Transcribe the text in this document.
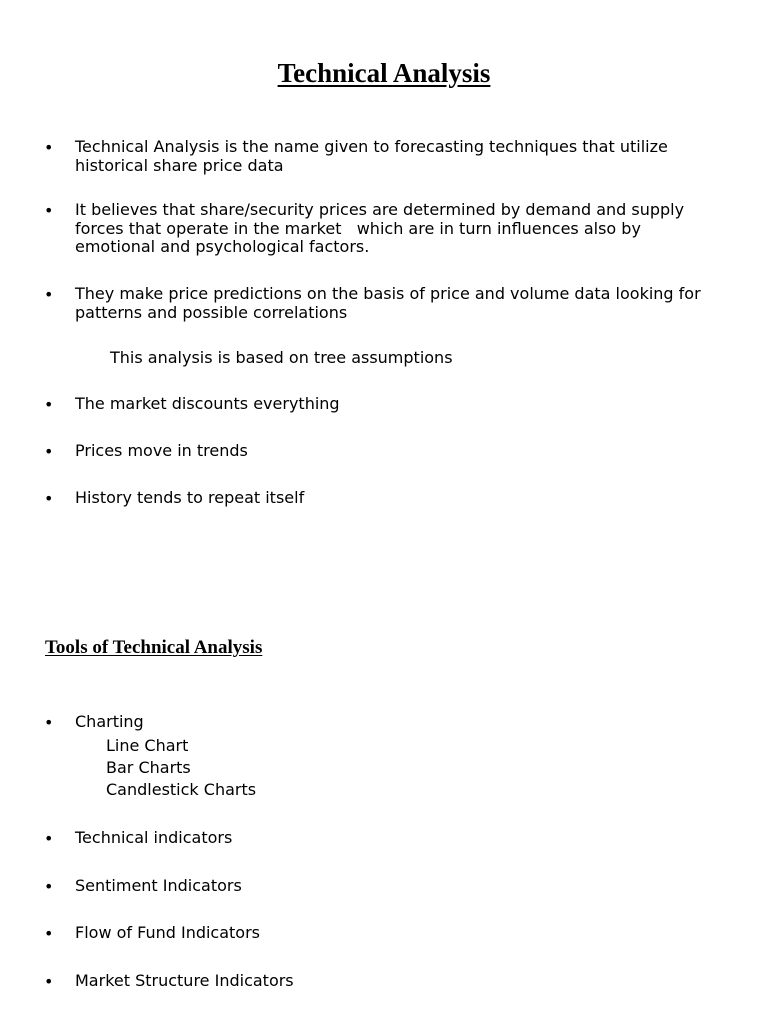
Technical Analysis
• Technical Analysis is the name given to forecasting techniques that utilize historical share price data
• It believes that share/security prices are determined by demand and supply forces that operate in the market   which are in turn influences also by emotional and psychological factors.
• They make price predictions on the basis of price and volume data looking for patterns and possible correlations
This analysis is based on tree assumptions
• The market discounts everything
• Prices move in trends
• History tends to repeat itself
Tools of Technical Analysis
• Charting
Line Chart
Bar Charts
Candlestick Charts
• Technical indicators
• Sentiment Indicators
• Flow of Fund Indicators
• Market Structure Indicators
